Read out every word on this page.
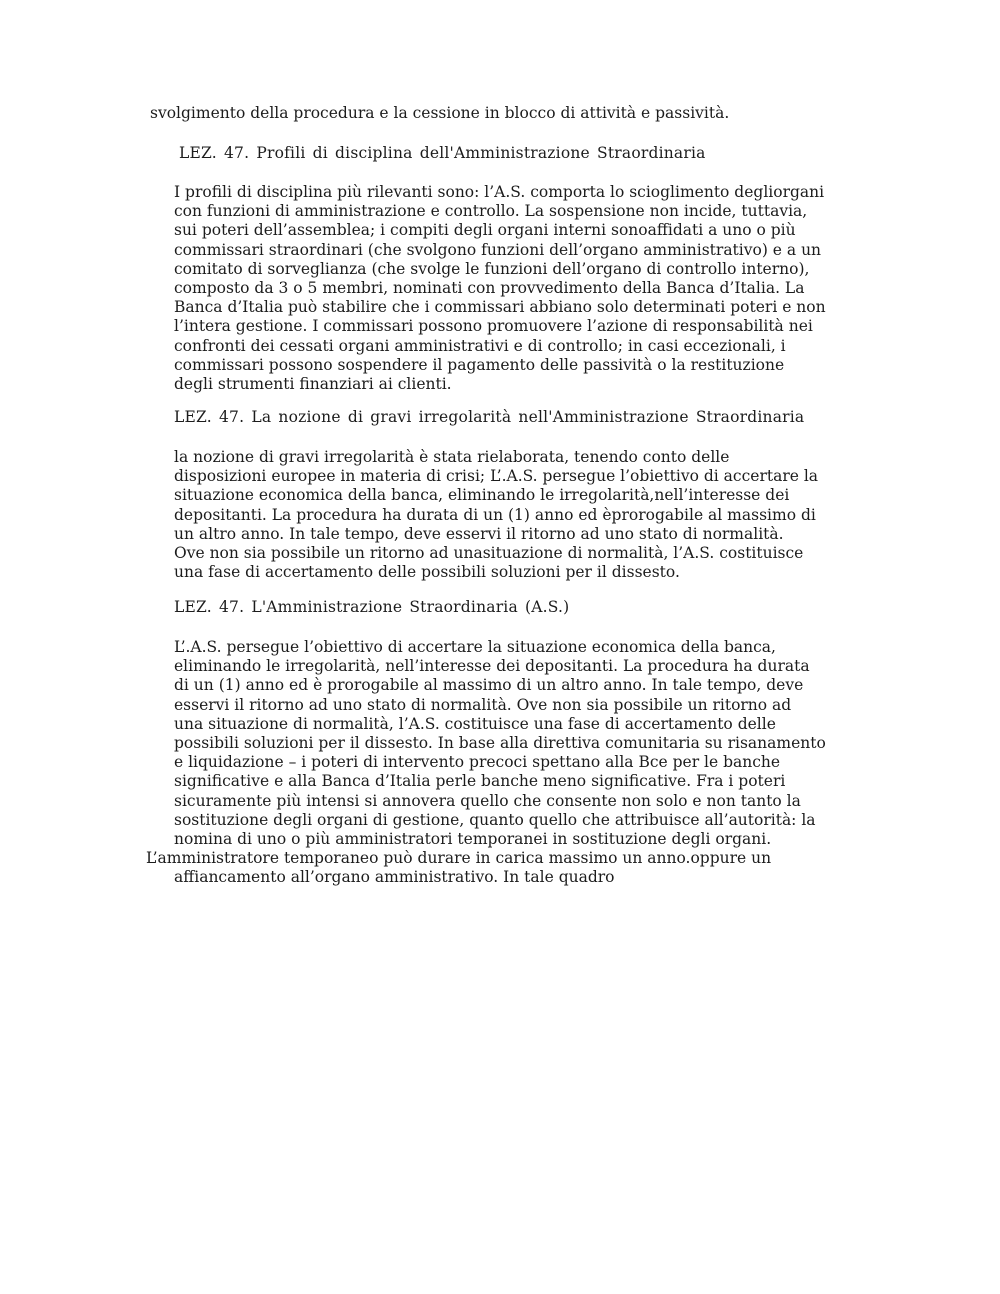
svolgimento della procedura e la cessione in blocco di attività e passività.
LEZ. 47. Profili di disciplina dell'Amministrazione Straordinaria
I profili di disciplina più rilevanti sono: l’A.S. comporta lo scioglimento degliorgani
con funzioni di amministrazione e controllo. La sospensione non incide, tuttavia,
sui poteri dell’assemblea; i compiti degli organi interni sonoaffidati a uno o più
commissari straordinari (che svolgono funzioni dell’organo amministrativo) e a un
comitato di sorveglianza (che svolge le funzioni dell’organo di controllo interno),
composto da 3 o 5 membri, nominati con provvedimento della Banca d’Italia. La
Banca d’Italia può stabilire che i commissari abbiano solo determinati poteri e non
l’intera gestione. I commissari possono promuovere l’azione di responsabilità nei
confronti dei cessati organi amministrativi e di controllo; in casi eccezionali, i
commissari possono sospendere il pagamento delle passività o la restituzione
degli strumenti finanziari ai clienti.
LEZ. 47. La nozione di gravi irregolarità nell'Amministrazione Straordinaria
la nozione di gravi irregolarità è stata rielaborata, tenendo conto delle
disposizioni europee in materia di crisi; L’.A.S. persegue l’obiettivo di accertare la
situazione economica della banca, eliminando le irregolarità,nell’interesse dei
depositanti. La procedura ha durata di un (1) anno ed èprorogabile al massimo di
un altro anno. In tale tempo, deve esservi il ritorno ad uno stato di normalità.
Ove non sia possibile un ritorno ad unasituazione di normalità, l’A.S. costituisce
una fase di accertamento delle possibili soluzioni per il dissesto.
LEZ. 47. L'Amministrazione Straordinaria (A.S.)
L’.A.S. persegue l’obiettivo di accertare la situazione economica della banca,
eliminando le irregolarità, nell’interesse dei depositanti. La procedura ha durata
di un (1) anno ed è prorogabile al massimo di un altro anno. In tale tempo, deve
esservi il ritorno ad uno stato di normalità. Ove non sia possibile un ritorno ad
una situazione di normalità, l’A.S. costituisce una fase di accertamento delle
possibili soluzioni per il dissesto. In base alla direttiva comunitaria su risanamento
e liquidazione – i poteri di intervento precoci spettano alla Bce per le banche
significative e alla Banca d’Italia perle banche meno significative. Fra i poteri
sicuramente più intensi si annovera quello che consente non solo e non tanto la
sostituzione degli organi di gestione, quanto quello che attribuisce all’autorità: la
nomina di uno o più amministratori temporanei in sostituzione degli organi.
L’amministratore temporaneo può durare in carica massimo un anno.oppure un
affiancamento all’organo amministrativo. In tale quadro
